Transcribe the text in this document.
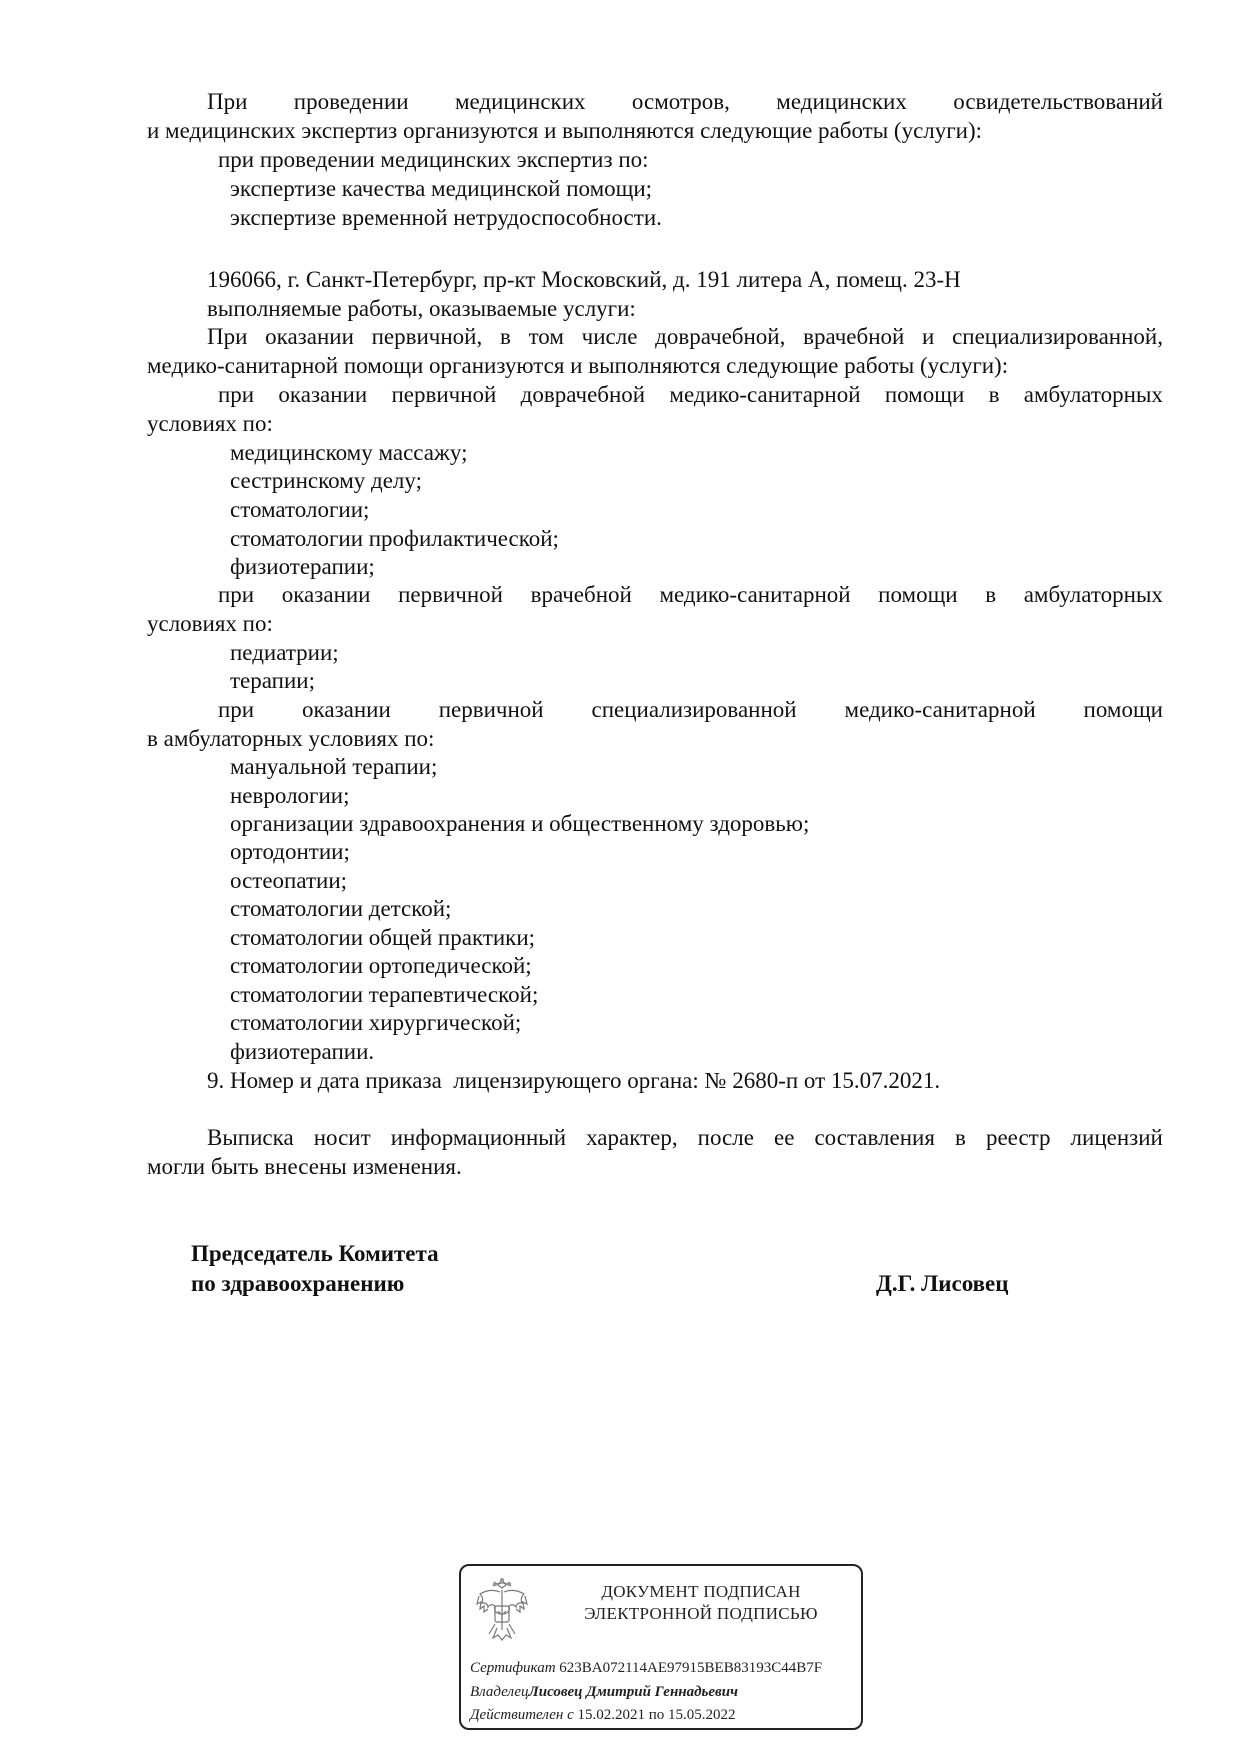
При проведении медицинских осмотров, медицинских освидетельствований
и медицинских экспертиз организуются и выполняются следующие работы (услуги):
при проведении медицинских экспертиз по:
экспертизе качества медицинской помощи;
экспертизе временной нетрудоспособности.
196066, г. Санкт-Петербург, пр-кт Московский, д. 191 литера А, помещ. 23-Н
выполняемые работы, оказываемые услуги:
При оказании первичной, в том числе доврачебной, врачебной и специализированной,
медико-санитарной помощи организуются и выполняются следующие работы (услуги):
при оказании первичной доврачебной медико-санитарной помощи в амбулаторных
условиях по:
медицинскому массажу;
сестринскому делу;
стоматологии;
стоматологии профилактической;
физиотерапии;
при оказании первичной врачебной медико-санитарной помощи в амбулаторных
условиях по:
педиатрии;
терапии;
при оказании первичной специализированной медико-санитарной помощи
в амбулаторных условиях по:
мануальной терапии;
неврологии;
организации здравоохранения и общественному здоровью;
ортодонтии;
остеопатии;
стоматологии детской;
стоматологии общей практики;
стоматологии ортопедической;
стоматологии терапевтической;
стоматологии хирургической;
физиотерапии.
9. Номер и дата приказа  лицензирующего органа: № 2680-п от 15.07.2021.
Выписка носит информационный характер, после ее составления в реестр лицензий
могли быть внесены изменения.
Председатель Комитета
по здравоохранению	Д.Г. Лисовец
ДОКУМЕНТ ПОДПИСАН
ЭЛЕКТРОННОЙ ПОДПИСЬЮ
Сертификат 623BA072114AE97915BEB83193C44B7F
ВладелецЛисовец Дмитрий Геннадьевич
Действителен с 15.02.2021 по 15.05.2022
